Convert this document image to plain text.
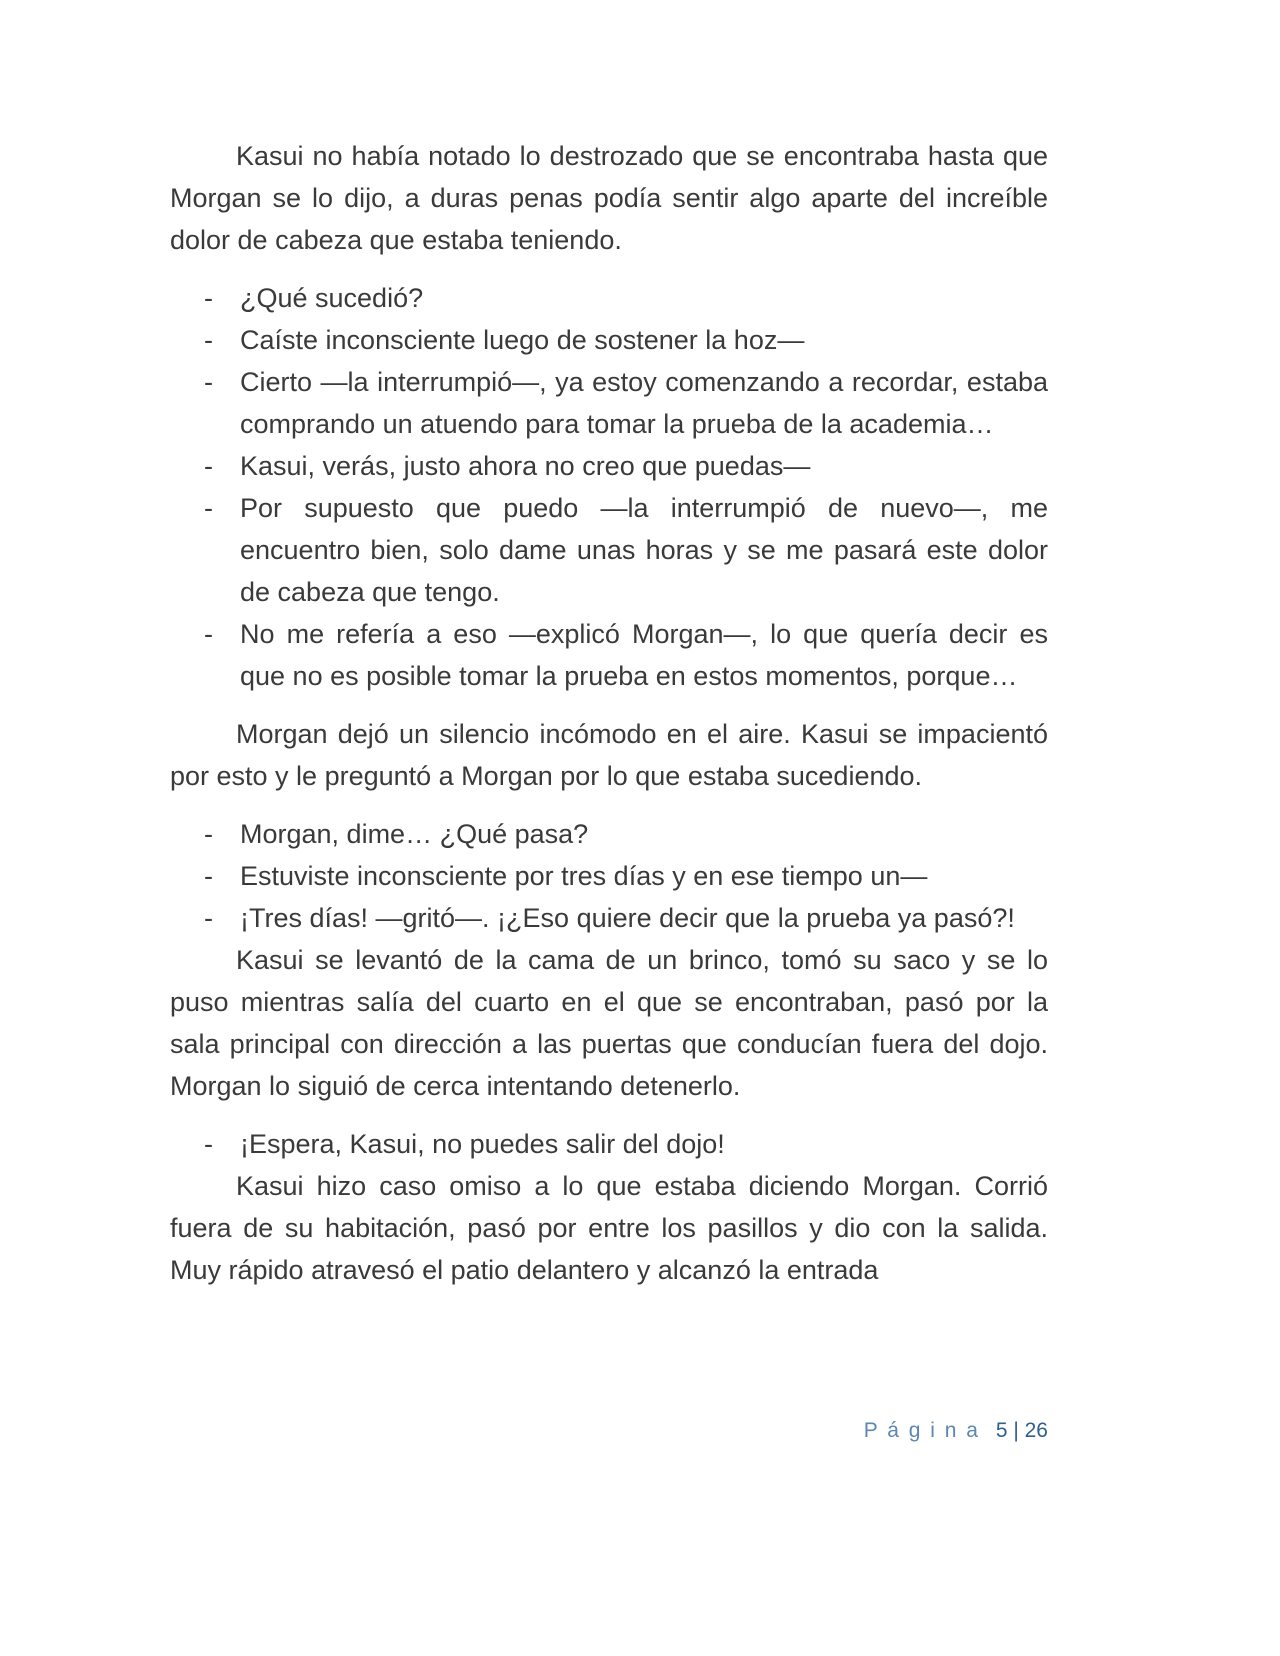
Kasui no había notado lo destrozado que se encontraba hasta que Morgan se lo dijo, a duras penas podía sentir algo aparte del increíble dolor de cabeza que estaba teniendo.

- ¿Qué sucedió?
- Caíste inconsciente luego de sostener la hoz—
- Cierto —la interrumpió—, ya estoy comenzando a recordar, estaba comprando un atuendo para tomar la prueba de la academia…
- Kasui, verás, justo ahora no creo que puedas—
- Por supuesto que puedo —la interrumpió de nuevo—, me encuentro bien, solo dame unas horas y se me pasará este dolor de cabeza que tengo.
- No me refería a eso —explicó Morgan—, lo que quería decir es que no es posible tomar la prueba en estos momentos, porque…

Morgan dejó un silencio incómodo en el aire. Kasui se impacientó por esto y le preguntó a Morgan por lo que estaba sucediendo.

- Morgan, dime… ¿Qué pasa?
- Estuviste inconsciente por tres días y en ese tiempo un—
- ¡Tres días! —gritó—. ¡¿Eso quiere decir que la prueba ya pasó?!

Kasui se levantó de la cama de un brinco, tomó su saco y se lo puso mientras salía del cuarto en el que se encontraban, pasó por la sala principal con dirección a las puertas que conducían fuera del dojo. Morgan lo siguió de cerca intentando detenerlo.

- ¡Espera, Kasui, no puedes salir del dojo!

Kasui hizo caso omiso a lo que estaba diciendo Morgan. Corrió fuera de su habitación, pasó por entre los pasillos y dio con la salida. Muy rápido atravesó el patio delantero y alcanzó la entrada

P á g i n a 5 | 26
